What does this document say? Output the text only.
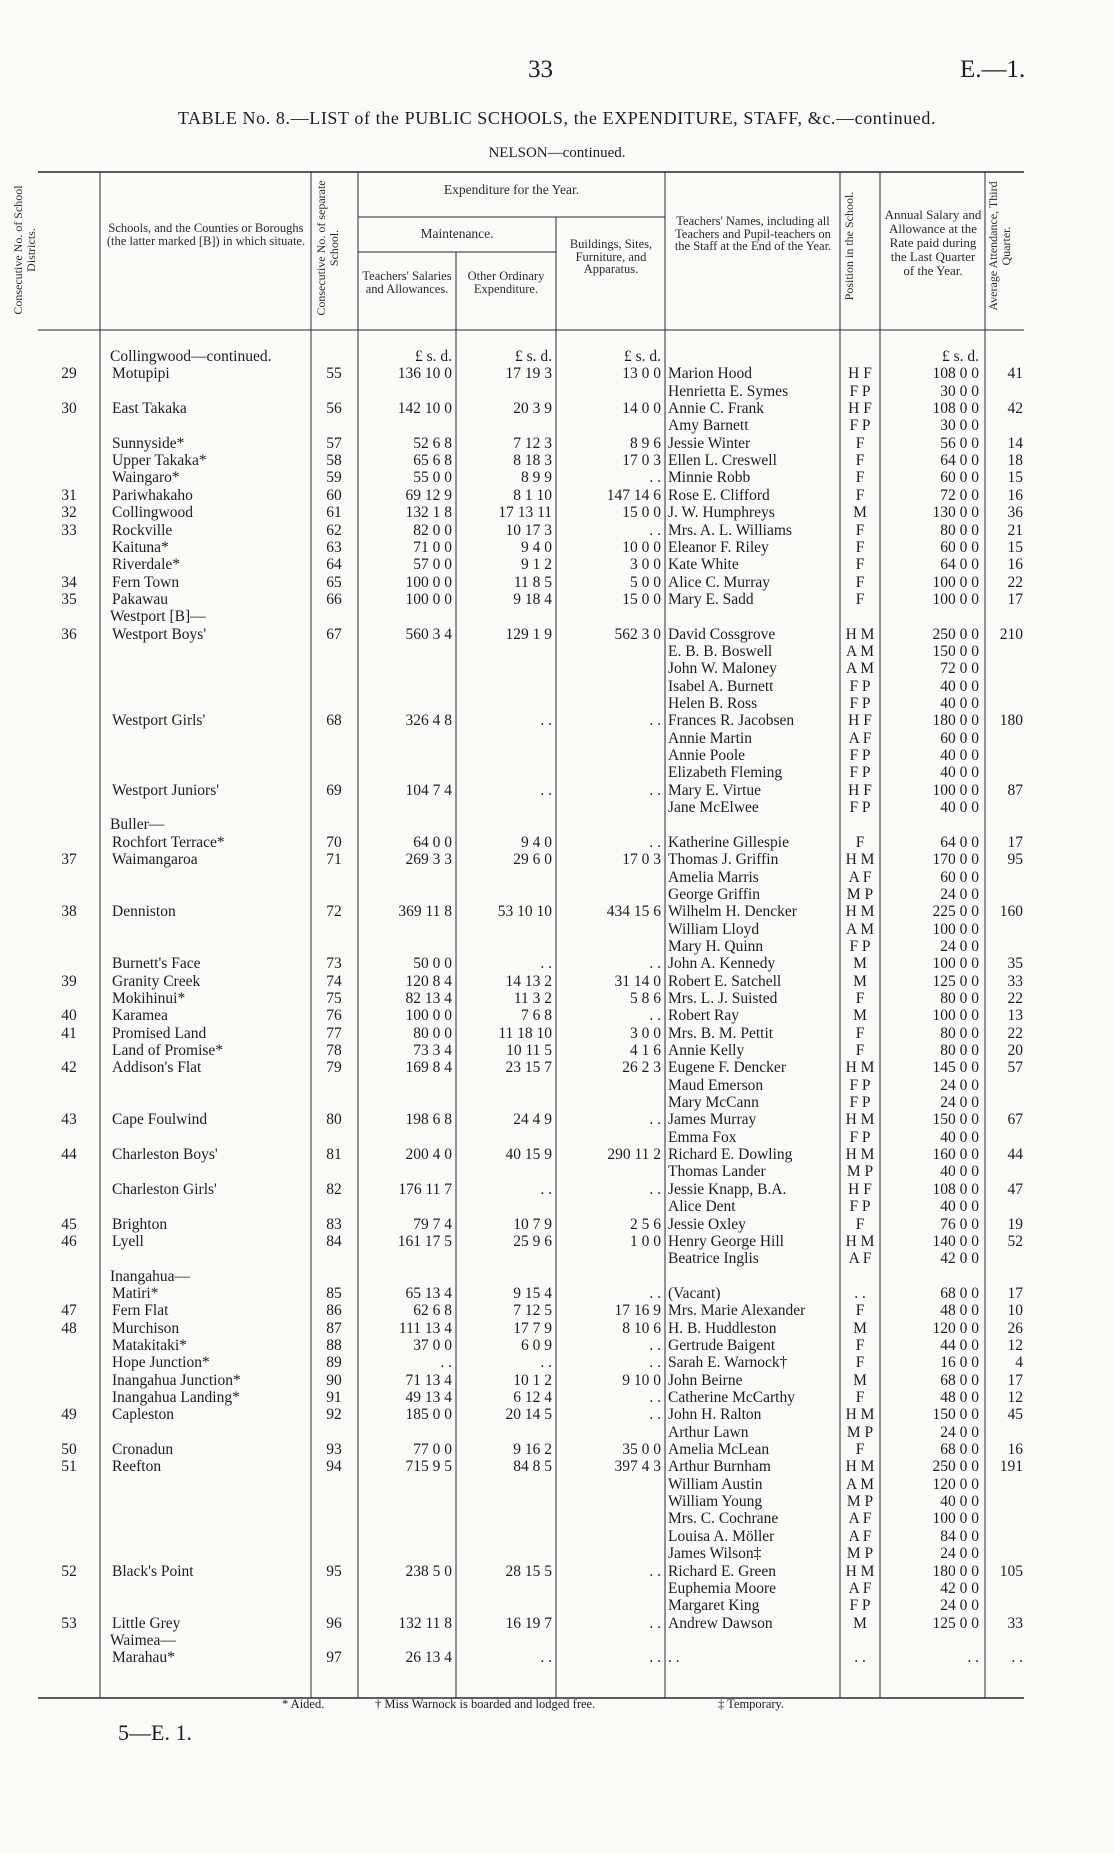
33	E.—1.
TABLE No. 8.—LIST of the PUBLIC SCHOOLS, the EXPENDITURE, STAFF, &c.—continued.
NELSON—continued.
Consecutive No. of School Districts.
Schools, and the Counties or Boroughs (the latter marked [B]) in which situate. Consecutive No. of separate School.
Expenditure for the Year.
Maintenance.
Teachers' Salaries and Allowances.
Other Ordinary Expenditure.
Buildings, Sites, Furniture, and Apparatus.
Teachers' Names, including all Teachers and Pupil-teachers on the Staff at the End of the Year. Position in the School.	Annual Salary and Allowance at the Rate paid during the Last Quarter of the Year.	Average Attendance, Third Quarter.
Collingwood—continued.	£ s. d.	£ s. d.	£ s. d.	£ s. d.
29	Motupipi	55	136 10 0	17 19 3	13 0 0 Marion Hood	H F	108 0 0	41
Henrietta E. Symes	F P	30 0 0
30	East Takaka	56	142 10 0	20 3 9	14 0 0 Annie C. Frank	H F	108 0 0	42
Amy Barnett	F P	30 0 0
Sunnyside*	57	52 6 8	7 12 3	8 9 6 Jessie Winter	F	56 0 0	14
Upper Takaka*	58	65 6 8	8 18 3	17 0 3 Ellen L. Creswell	F	64 0 0	18
Waingaro*	59	55 0 0	8 9 9	. . Minnie Robb	F	60 0 0	15
31	Pariwhakaho	60	69 12 9	8 1 10	147 14 6 Rose E. Clifford	F	72 0 0	16
32	Collingwood	61	132 1 8	17 13 11	15 0 0 J. W. Humphreys	M	130 0 0	36
33	Rockville	62	82 0 0	10 17 3	. . Mrs. A. L. Williams	F	80 0 0	21
Kaituna*	63	71 0 0	9 4 0	10 0 0 Eleanor F. Riley	F	60 0 0	15
Riverdale*	64	57 0 0	9 1 2	3 0 0 Kate White	F	64 0 0	16
34	Fern Town	65	100 0 0	11 8 5	5 0 0 Alice C. Murray	F	100 0 0	22
35	Pakawau	66	100 0 0	9 18 4	15 0 0 Mary E. Sadd	F	100 0 0	17
Westport [B]—
36	Westport Boys'	67	560 3 4	129 1 9	562 3 0 David Cossgrove	H M	250 0 0	210
E. B. B. Boswell	A M	150 0 0
John W. Maloney	A M	72 0 0
Isabel A. Burnett	F P	40 0 0
Helen B. Ross	F P	40 0 0
Westport Girls'	68	326 4 8	. .	. . Frances R. Jacobsen	H F	180 0 0	180
Annie Martin	A F	60 0 0
Annie Poole	F P	40 0 0
Elizabeth Fleming	F P	40 0 0
Westport Juniors'	69	104 7 4	. .	. . Mary E. Virtue	H F	100 0 0	87
Jane McElwee	F P	40 0 0
Buller—
Rochfort Terrace*	70	64 0 0	9 4 0	. . Katherine Gillespie	F	64 0 0	17
37	Waimangaroa	71	269 3 3	29 6 0	17 0 3 Thomas J. Griffin	H M	170 0 0	95
Amelia Marris	A F	60 0 0
George Griffin	M P	24 0 0
38	Denniston	72	369 11 8	53 10 10	434 15 6 Wilhelm H. Dencker	H M	225 0 0	160
William Lloyd	A M	100 0 0
Mary H. Quinn	F P	24 0 0
Burnett's Face	73	50 0 0	. .	. . John A. Kennedy	M	100 0 0	35
39	Granity Creek	74	120 8 4	14 13 2	31 14 0 Robert E. Satchell	M	125 0 0	33
Mokihinui*	75	82 13 4	11 3 2	5 8 6 Mrs. L. J. Suisted	F	80 0 0	22
40	Karamea	76	100 0 0	7 6 8	. . Robert Ray	M	100 0 0	13
41	Promised Land	77	80 0 0	11 18 10	3 0 0 Mrs. B. M. Pettit	F	80 0 0	22
Land of Promise*	78	73 3 4	10 11 5	4 1 6 Annie Kelly	F	80 0 0	20
42	Addison's Flat	79	169 8 4	23 15 7	26 2 3 Eugene F. Dencker	H M	145 0 0	57
Maud Emerson	F P	24 0 0
Mary McCann	F P	24 0 0
43	Cape Foulwind	80	198 6 8	24 4 9	. . James Murray	H M	150 0 0	67
Emma Fox	F P	40 0 0
44	Charleston Boys'	81	200 4 0	40 15 9	290 11 2 Richard E. Dowling	H M	160 0 0	44
Thomas Lander	M P	40 0 0
Charleston Girls'	82	176 11 7	. .	. . Jessie Knapp, B.A.	H F	108 0 0	47
Alice Dent	F P	40 0 0
45	Brighton	83	79 7 4	10 7 9	2 5 6 Jessie Oxley	F	76 0 0	19
46	Lyell	84	161 17 5	25 9 6	1 0 0 Henry George Hill	H M	140 0 0	52
Beatrice Inglis	A F	42 0 0
Inangahua—
Matiri*	85	65 13 4	9 15 4	. . (Vacant)	. .	68 0 0	17
47	Fern Flat	86	62 6 8	7 12 5	17 16 9 Mrs. Marie Alexander	F	48 0 0	10
48	Murchison	87	111 13 4	17 7 9	8 10 6 H. B. Huddleston	M	120 0 0	26
Matakitaki*	88	37 0 0	6 0 9	. . Gertrude Baigent	F	44 0 0	12
Hope Junction*	89	. .	. .	. . Sarah E. Warnock†	F	16 0 0	4
Inangahua Junction*	90	71 13 4	10 1 2	9 10 0 John Beirne	M	68 0 0	17
Inangahua Landing*	91	49 13 4	6 12 4	. . Catherine McCarthy	F	48 0 0	12
49	Capleston	92	185 0 0	20 14 5	. . John H. Ralton	H M	150 0 0	45
Arthur Lawn	M P	24 0 0
50	Cronadun	93	77 0 0	9 16 2	35 0 0 Amelia McLean	F	68 0 0	16
51	Reefton	94	715 9 5	84 8 5	397 4 3 Arthur Burnham	H M	250 0 0	191
William Austin	A M	120 0 0
William Young	M P	40 0 0
Mrs. C. Cochrane	A F	100 0 0
Louisa A. Möller	A F	84 0 0
James Wilson‡	M P	24 0 0
52	Black's Point	95	238 5 0	28 15 5	. . Richard E. Green	H M	180 0 0	105
Euphemia Moore	A F	42 0 0
Margaret King	F P	24 0 0
53	Little Grey	96	132 11 8	16 19 7	. . Andrew Dawson	M	125 0 0	33
Waimea—
Marahau*	97	26 13 4	. .	. . . .	. .	. .	. .
* Aided.	† Miss Warnock is boarded and lodged free.	‡ Temporary.
5—E. 1.
